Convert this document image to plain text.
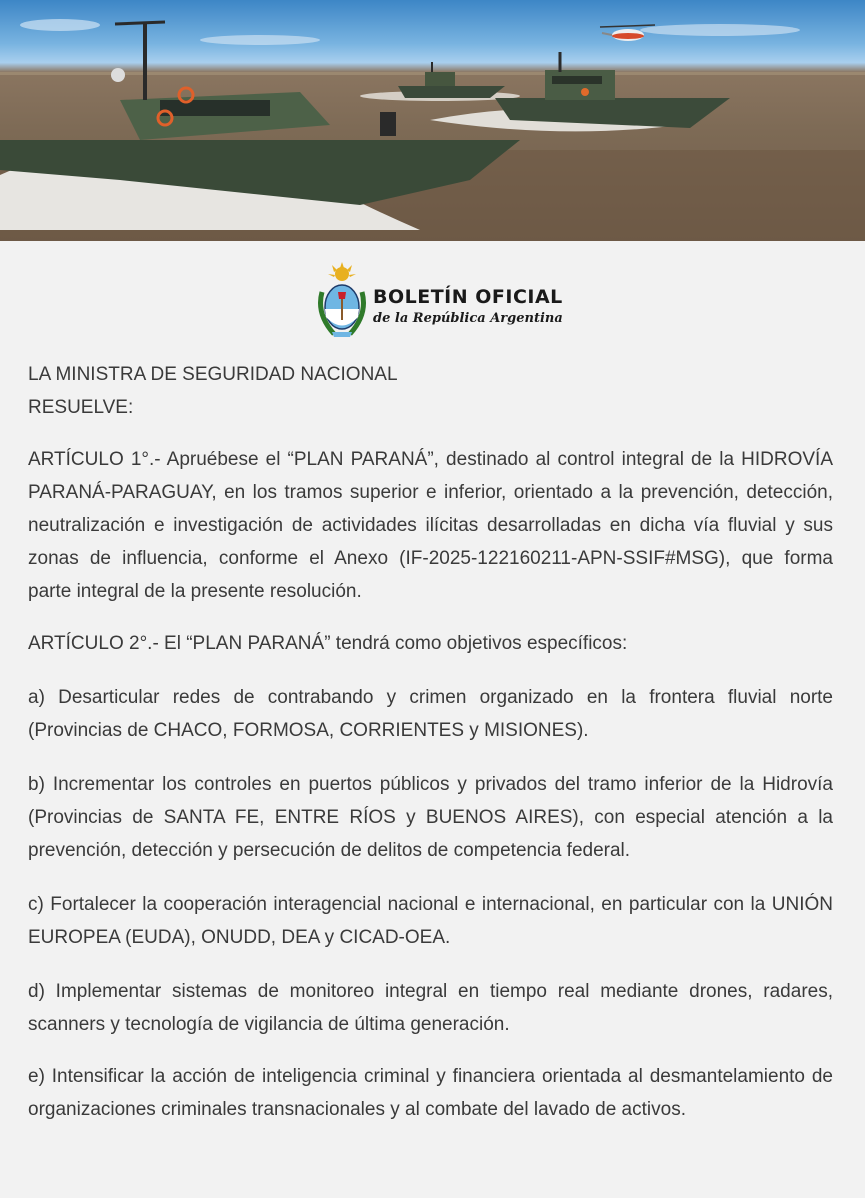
BOLETÍN OFICIAL
de la República Argentina

LA MINISTRA DE SEGURIDAD NACIONAL

RESUELVE:

ARTÍCULO 1°.- Apruébese el “PLAN PARANÁ”, destinado al control integral de la HIDROVÍA PARANÁ-PARAGUAY, en los tramos superior e inferior, orientado a la prevención, detección, neutralización e investigación de actividades ilícitas desarrolladas en dicha vía fluvial y sus zonas de influencia, conforme el Anexo (IF-2025-122160211-APN-SSIF#MSG), que forma parte integral de la presente resolución.

ARTÍCULO 2°.- El “PLAN PARANÁ” tendrá como objetivos específicos:

a) Desarticular redes de contrabando y crimen organizado en la frontera fluvial norte (Provincias de CHACO, FORMOSA, CORRIENTES y MISIONES).

b) Incrementar los controles en puertos públicos y privados del tramo inferior de la Hidrovía (Provincias de SANTA FE, ENTRE RÍOS y BUENOS AIRES), con especial atención a la prevención, detección y persecución de delitos de competencia federal.

c) Fortalecer la cooperación interagencial nacional e internacional, en particular con la UNIÓN EUROPEA (EUDA), ONUDD, DEA y CICAD-OEA.

d) Implementar sistemas de monitoreo integral en tiempo real mediante drones, radares, scanners y tecnología de vigilancia de última generación.

e) Intensificar la acción de inteligencia criminal y financiera orientada al desmantelamiento de organizaciones criminales transnacionales y al combate del lavado de activos.
